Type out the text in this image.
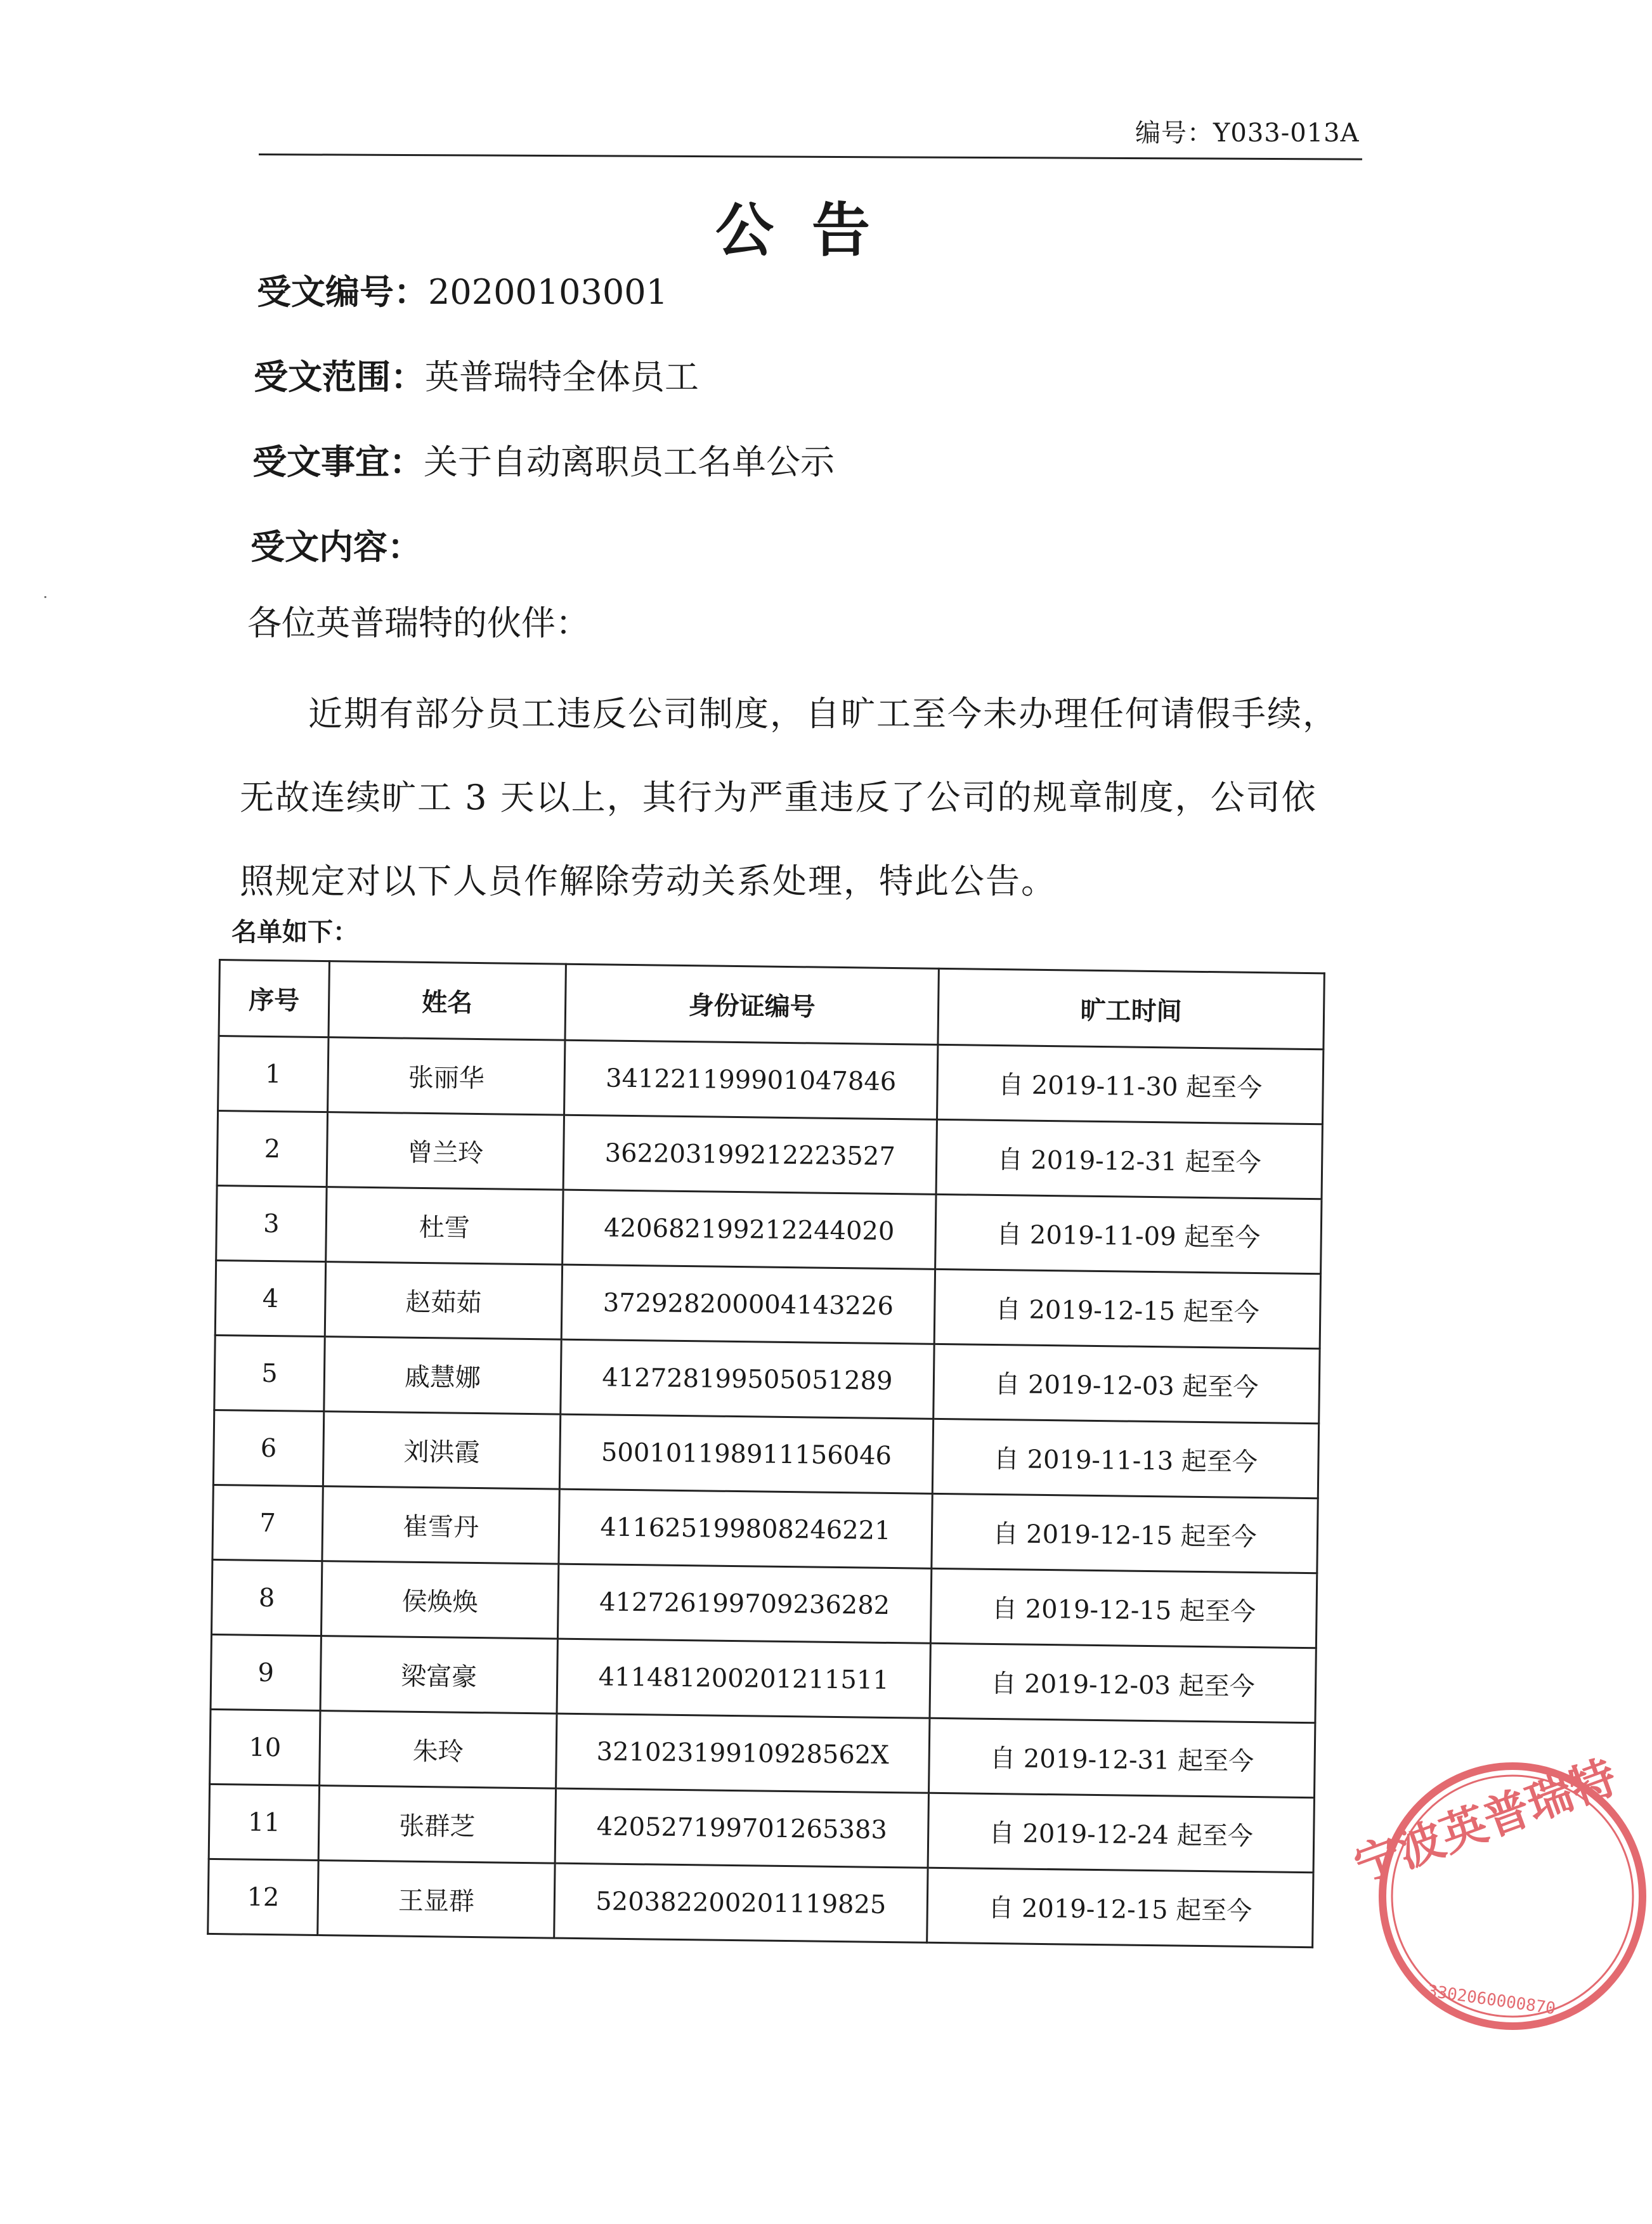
编号：Y033-013A
公告
受文编号：20200103001
受文范围：英普瑞特全体员工
受文事宜：关于自动离职员工名单公示
受文内容：
各位英普瑞特的伙伴：
近期有部分员工违反公司制度，自旷工至今未办理任何请假手续，无故连续旷工 3 天以上，其行为严重违反了公司的规章制度，公司依照规定对以下人员作解除劳动关系处理，特此公告。
名单如下：
序号	姓名	身份证编号	旷工时间
1	张丽华	341221199901047846	自 2019-11-30 起至今
2	曾兰玲	362203199212223527	自 2019-12-31 起至今
3	杜雪	420682199212244020	自 2019-11-09 起至今
4	赵茹茹	372928200004143226	自 2019-12-15 起至今
5	戚慧娜	412728199505051289	自 2019-12-03 起至今
6	刘洪霞	500101198911156046	自 2019-11-13 起至今
7	崔雪丹	411625199808246221	自 2019-12-15 起至今
8	侯焕焕	412726199709236282	自 2019-12-15 起至今
9	梁富豪	411481200201211511	自 2019-12-03 起至今
10	朱玲	32102319910928562X	自 2019-12-31 起至今
11	张群芝	420527199701265383	自 2019-12-24 起至今
12	王显群	520382200201119825	自 2019-12-15 起至今
宁波英普瑞特
3302060000870
